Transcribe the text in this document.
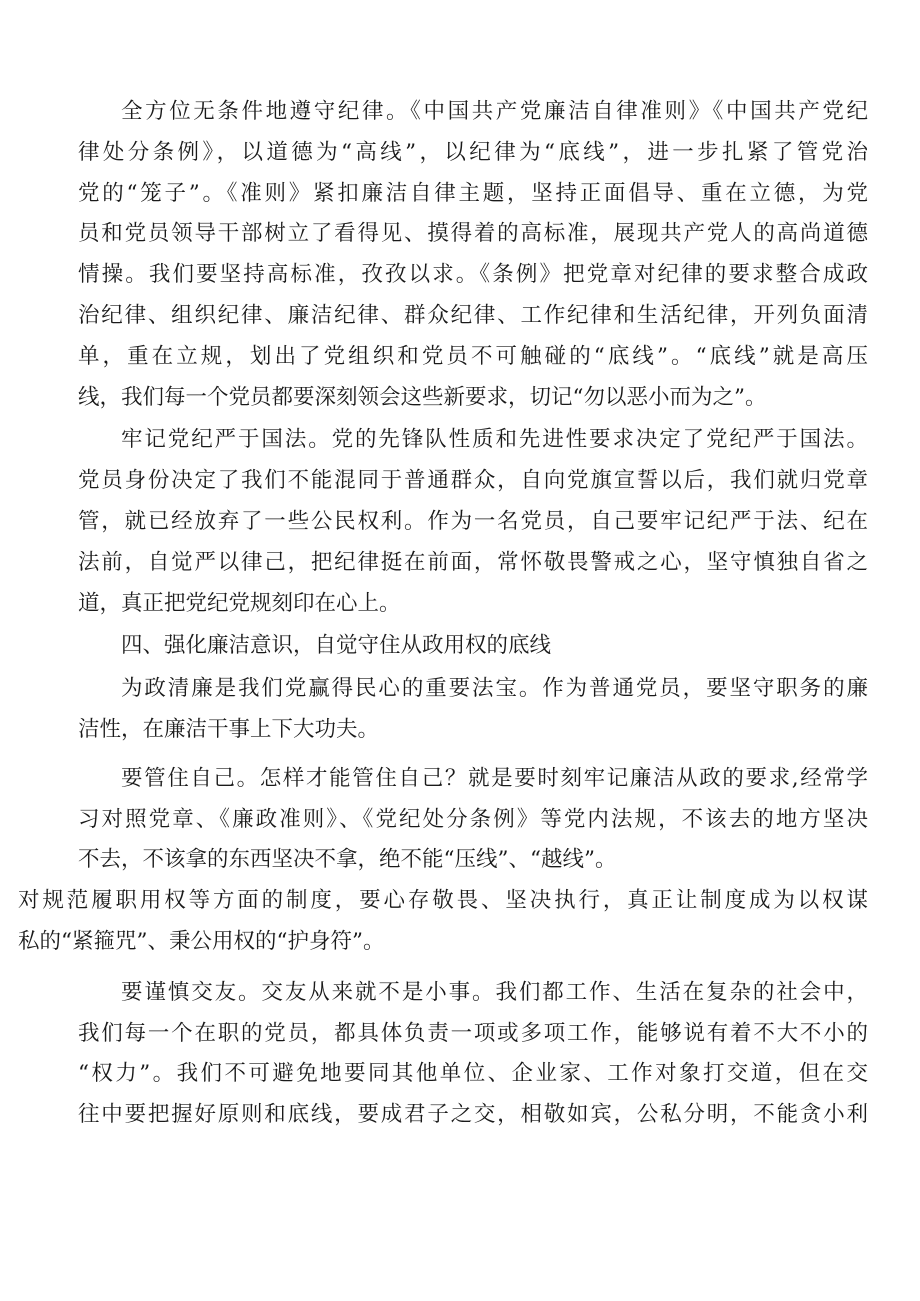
全方位无条件地遵守纪律。《中国共产党廉洁自律准则》《中国共产党纪
律处分条例》，以道德为“高线”，以纪律为“底线”，进一步扎紧了管党治
党的“笼子”。《准则》紧扣廉洁自律主题，坚持正面倡导、重在立德，为党
员和党员领导干部树立了看得见、摸得着的高标准，展现共产党人的高尚道德
情操。我们要坚持高标准，孜孜以求。《条例》把党章对纪律的要求整合成政
治纪律、组织纪律、廉洁纪律、群众纪律、工作纪律和生活纪律，开列负面清
单，重在立规，划出了党组织和党员不可触碰的“底线”。“底线”就是高压
线，我们每一个党员都要深刻领会这些新要求，切记“勿以恶小而为之”。
牢记党纪严于国法。党的先锋队性质和先进性要求决定了党纪严于国法。
党员身份决定了我们不能混同于普通群众，自向党旗宣誓以后，我们就归党章
管，就已经放弃了一些公民权利。作为一名党员，自己要牢记纪严于法、纪在
法前，自觉严以律己，把纪律挺在前面，常怀敬畏警戒之心，坚守慎独自省之
道，真正把党纪党规刻印在心上。
四、强化廉洁意识，自觉守住从政用权的底线
为政清廉是我们党赢得民心的重要法宝。作为普通党员，要坚守职务的廉
洁性，在廉洁干事上下大功夫。
要管住自己。怎样才能管住自己？就是要时刻牢记廉洁从政的要求,经常学
习对照党章、《廉政准则》、《党纪处分条例》等党内法规，不该去的地方坚决
不去，不该拿的东西坚决不拿，绝不能“压线”、“越线”。
对规范履职用权等方面的制度，要心存敬畏、坚决执行，真正让制度成为以权谋
私的“紧箍咒”、秉公用权的“护身符”。
要谨慎交友。交友从来就不是小事。我们都工作、生活在复杂的社会中，
我们每一个在职的党员，都具体负责一项或多项工作，能够说有着不大不小的
“权力”。我们不可避免地要同其他单位、企业家、工作对象打交道，但在交
往中要把握好原则和底线，要成君子之交，相敬如宾，公私分明，不能贪小利
